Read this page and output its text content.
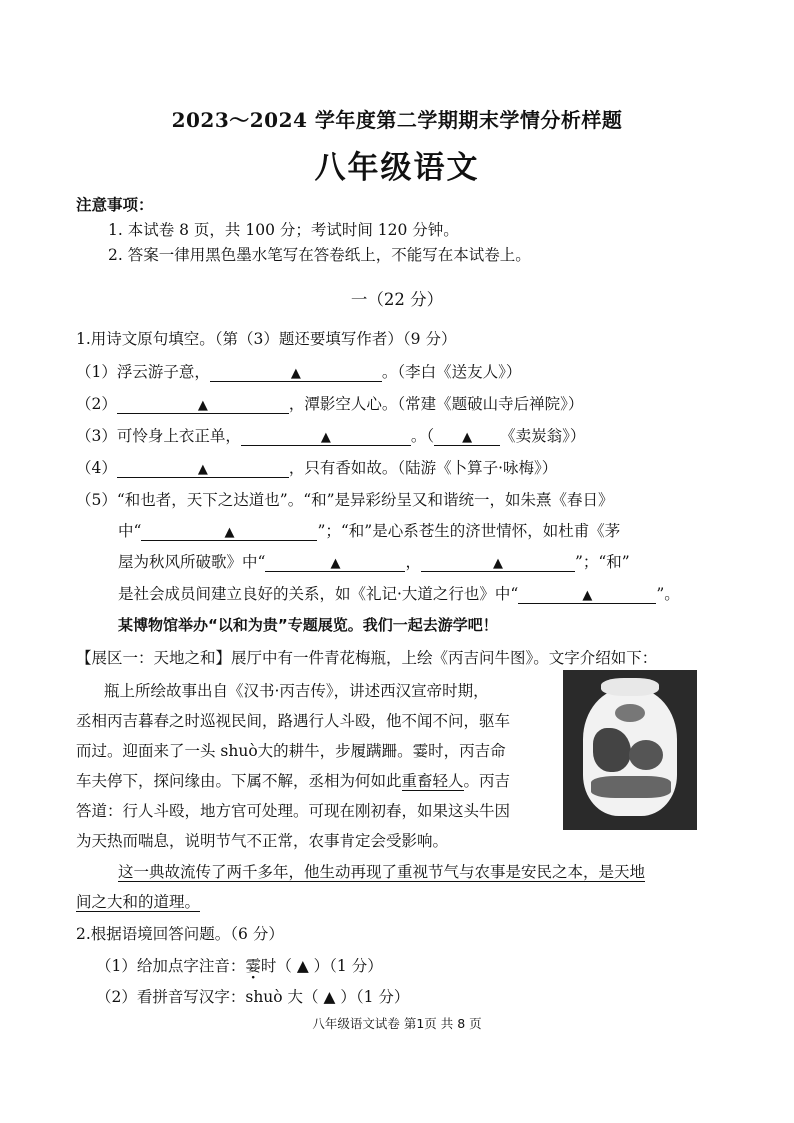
2023～2024 学年度第二学期期末学情分析样题
八年级语文
注意事项：
1. 本试卷 8 页，共 100 分；考试时间 120 分钟。
2. 答案一律用黑色墨水笔写在答卷纸上，不能写在本试卷上。
一（22 分）
1.用诗文原句填空。（第（3）题还要填写作者）（9 分）
（1）浮云游子意，	▲	。（李白《送友人》）
（2）	▲	，潭影空人心。（常建《题破山寺后禅院》）
（3）可怜身上衣正单，	▲	。（ ▲ 《卖炭翁》）
（4）	▲	，只有香如故。（陆游《卜算子·咏梅》）
（5）“和也者，天下之达道也”。“和”是异彩纷呈又和谐统一，如朱熹《春日》
中“	▲	”；“和”是心系苍生的济世情怀，如杜甫《茅
屋为秋风所破歌》中“	▲	，	▲	”；“和”
是社会成员间建立良好的关系，如《礼记·大道之行也》中“	▲	”。
某博物馆举办“以和为贵”专题展览。我们一起去游学吧！
【展区一：天地之和】展厅中有一件青花梅瓶，上绘《丙吉问牛图》。文字介绍如下：
瓶上所绘故事出自《汉书·丙吉传》，讲述西汉宣帝时期，
丞相丙吉暮春之时巡视民间，路遇行人斗殴，他不闻不问，驱车
而过。迎面来了一头 shuò大的耕牛，步履蹒跚。霎时，丙吉命
车夫停下，探问缘由。下属不解，丞相为何如此重畜轻人。丙吉
答道：行人斗殴，地方官可处理。可现在刚初春，如果这头牛因
为天热而喘息，说明节气不正常，农事肯定会受影响。
这一典故流传了两千多年，他生动再现了重视节气与农事是安民之本，是天地
间之大和的道理。
2.根据语境回答问题。（6 分）
（1）给加点字注音：霎时（ ▲ ）（1 分）
（2）看拼音写汉字：shuò 大（ ▲ ）（1 分）
八年级语文试卷 第1页 共 8 页
